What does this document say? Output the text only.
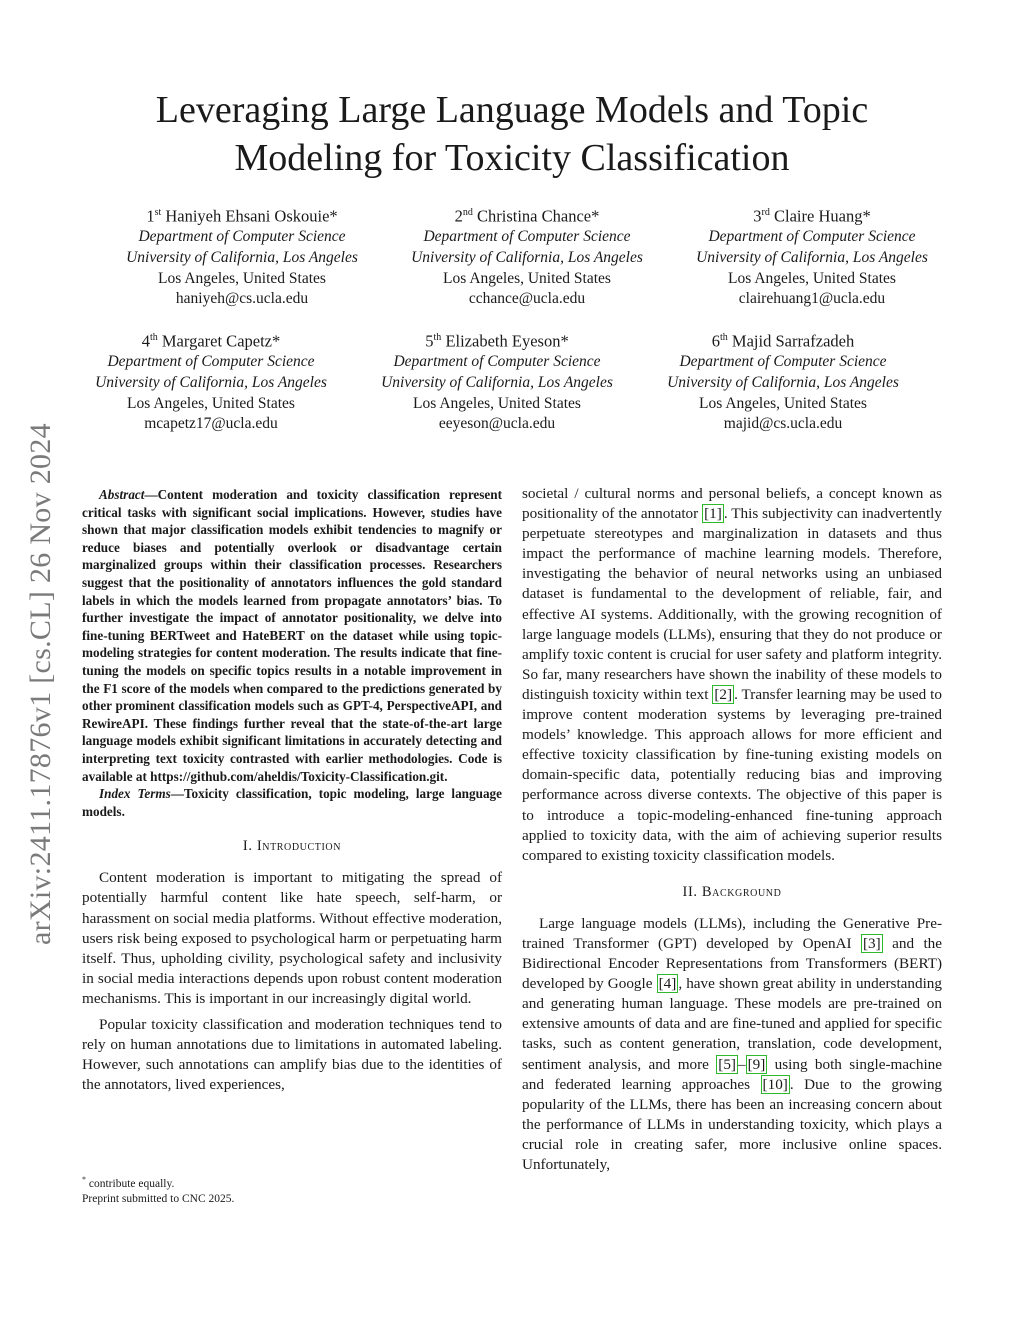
arXiv:2411.17876v1 [cs.CL] 26 Nov 2024
Leveraging Large Language Models and Topic
Modeling for Toxicity Classification
1st Haniyeh Ehsani Oskouie*
Department of Computer Science
University of California, Los Angeles
Los Angeles, United States
haniyeh@cs.ucla.edu
2nd Christina Chance*
Department of Computer Science
University of California, Los Angeles
Los Angeles, United States
cchance@ucla.edu
3rd Claire Huang*
Department of Computer Science
University of California, Los Angeles
Los Angeles, United States
clairehuang1@ucla.edu
4th Margaret Capetz*
Department of Computer Science
University of California, Los Angeles
Los Angeles, United States
mcapetz17@ucla.edu
5th Elizabeth Eyeson*
Department of Computer Science
University of California, Los Angeles
Los Angeles, United States
eeyeson@ucla.edu
6th Majid Sarrafzadeh
Department of Computer Science
University of California, Los Angeles
Los Angeles, United States
majid@cs.ucla.edu

Abstract—Content moderation and toxicity classification represent critical tasks with significant social implications. However, studies have shown that major classification models exhibit tendencies to magnify or reduce biases and potentially overlook or disadvantage certain marginalized groups within their classification processes. Researchers suggest that the positionality of annotators influences the gold standard labels in which the models learned from propagate annotators’ bias. To further investigate the impact of annotator positionality, we delve into fine-tuning BERTweet and HateBERT on the dataset while using topic-modeling strategies for content moderation. The results indicate that fine-tuning the models on specific topics results in a notable improvement in the F1 score of the models when compared to the predictions generated by other prominent classification models such as GPT-4, PerspectiveAPI, and RewireAPI. These findings further reveal that the state-of-the-art large language models exhibit significant limitations in accurately detecting and interpreting text toxicity contrasted with earlier methodologies. Code is available at https://github.com/aheldis/Toxicity-Classification.git.

Index Terms—Toxicity classification, topic modeling, large language models.

I. Introduction

Content moderation is important to mitigating the spread of potentially harmful content like hate speech, self-harm, or harassment on social media platforms. Without effective moderation, users risk being exposed to psychological harm or perpetuating harm itself. Thus, upholding civility, psychological safety and inclusivity in social media interactions depends upon robust content moderation mechanisms. This is important in our increasingly digital world.

Popular toxicity classification and moderation techniques tend to rely on human annotations due to limitations in automated labeling. However, such annotations can amplify bias due to the identities of the annotators, lived experiences,

societal / cultural norms and personal beliefs, a concept known as positionality of the annotator [1] . This subjectivity can inadvertently perpetuate stereotypes and marginalization in datasets and thus impact the performance of machine learning models. Therefore, investigating the behavior of neural networks using an unbiased dataset is fundamental to the development of reliable, fair, and effective AI systems. Additionally, with the growing recognition of large language models (LLMs), ensuring that they do not produce or amplify toxic content is crucial for user safety and platform integrity. So far, many researchers have shown the inability of these models to distinguish toxicity within text [2] . Transfer learning may be used to improve content moderation systems by leveraging pre-trained models’ knowledge. This approach allows for more efficient and effective toxicity classification by fine-tuning existing models on domain-specific data, potentially reducing bias and improving performance across diverse contexts. The objective of this paper is to introduce a topic-modeling-enhanced fine-tuning approach applied to toxicity data, with the aim of achieving superior results compared to existing toxicity classification models.

II. Background

Large language models (LLMs), including the Generative Pre-trained Transformer (GPT) developed by OpenAI [3] and the Bidirectional Encoder Representations from Transformers (BERT) developed by Google [4] , have shown great ability in understanding and generating human language. These models are pre-trained on extensive amounts of data and are fine-tuned and applied for specific tasks, such as content generation, translation, code development, sentiment analysis, and more [5] – [9] using both single-machine and federated learning approaches [10] . Due to the growing popularity of the LLMs, there has been an increasing concern about the performance of LLMs in understanding toxicity, which plays a crucial role in creating safer, more inclusive online spaces. Unfortunately,

* contribute equally.
Preprint submitted to CNC 2025.
